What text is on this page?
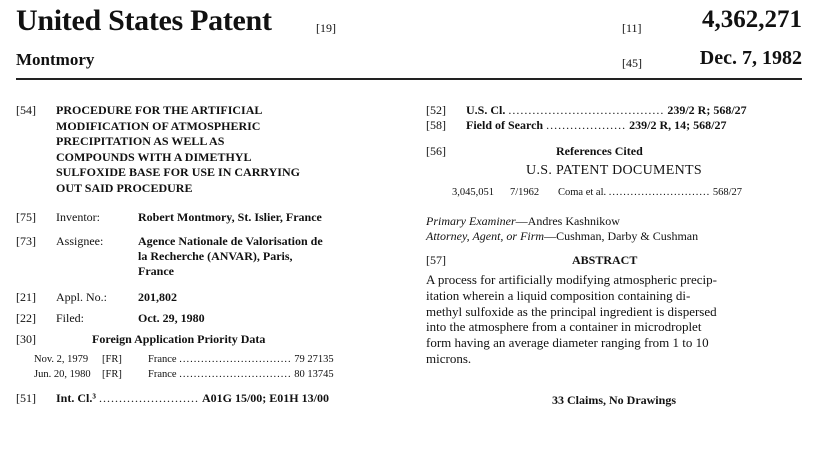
United States Patent	[19]	[11] 4,362,271
Montmory	[45]	Dec. 7, 1982
[54]	PROCEDURE FOR THE ARTIFICIAL
MODIFICATION OF ATMOSPHERIC
PRECIPITATION AS WELL AS
COMPOUNDS WITH A DIMETHYL
SULFOXIDE BASE FOR USE IN CARRYING
OUT SAID PROCEDURE
[75] Inventor:	Robert Montmory, St. Islier, France
[73]	Assignee:	Agence Nationale de Valorisation de
la Recherche (ANVAR), Paris,
France
[21] Appl. No.:	201,802
[22] Filed:	Oct. 29, 1980
[30]	Foreign Application Priority Data
Nov. 2, 1979 [FR] France ............................... 79 27135
Jun. 20, 1980 [FR] France ............................... 80 13745
[51] Int. Cl.³ ......................... A01G 15/00; E01H 13/00
[52] U.S. Cl. ....................................... 239/2 R; 568/27
[58] Field of Search .................... 239/2 R, 14; 568/27
[56]	References Cited
U.S. PATENT DOCUMENTS
3,045,051 7/1962 Coma et al. ............................ 568/27
Primary Examiner—Andres Kashnikow
Attorney, Agent, or Firm—Cushman, Darby & Cushman
[57]	ABSTRACT
A process for artificially modifying atmospheric precip-
itation wherein a liquid composition containing di-
methyl sulfoxide as the principal ingredient is dispersed
into the atmosphere from a container in microdroplet
form having an average diameter ranging from 1 to 10
microns.
33 Claims, No Drawings
